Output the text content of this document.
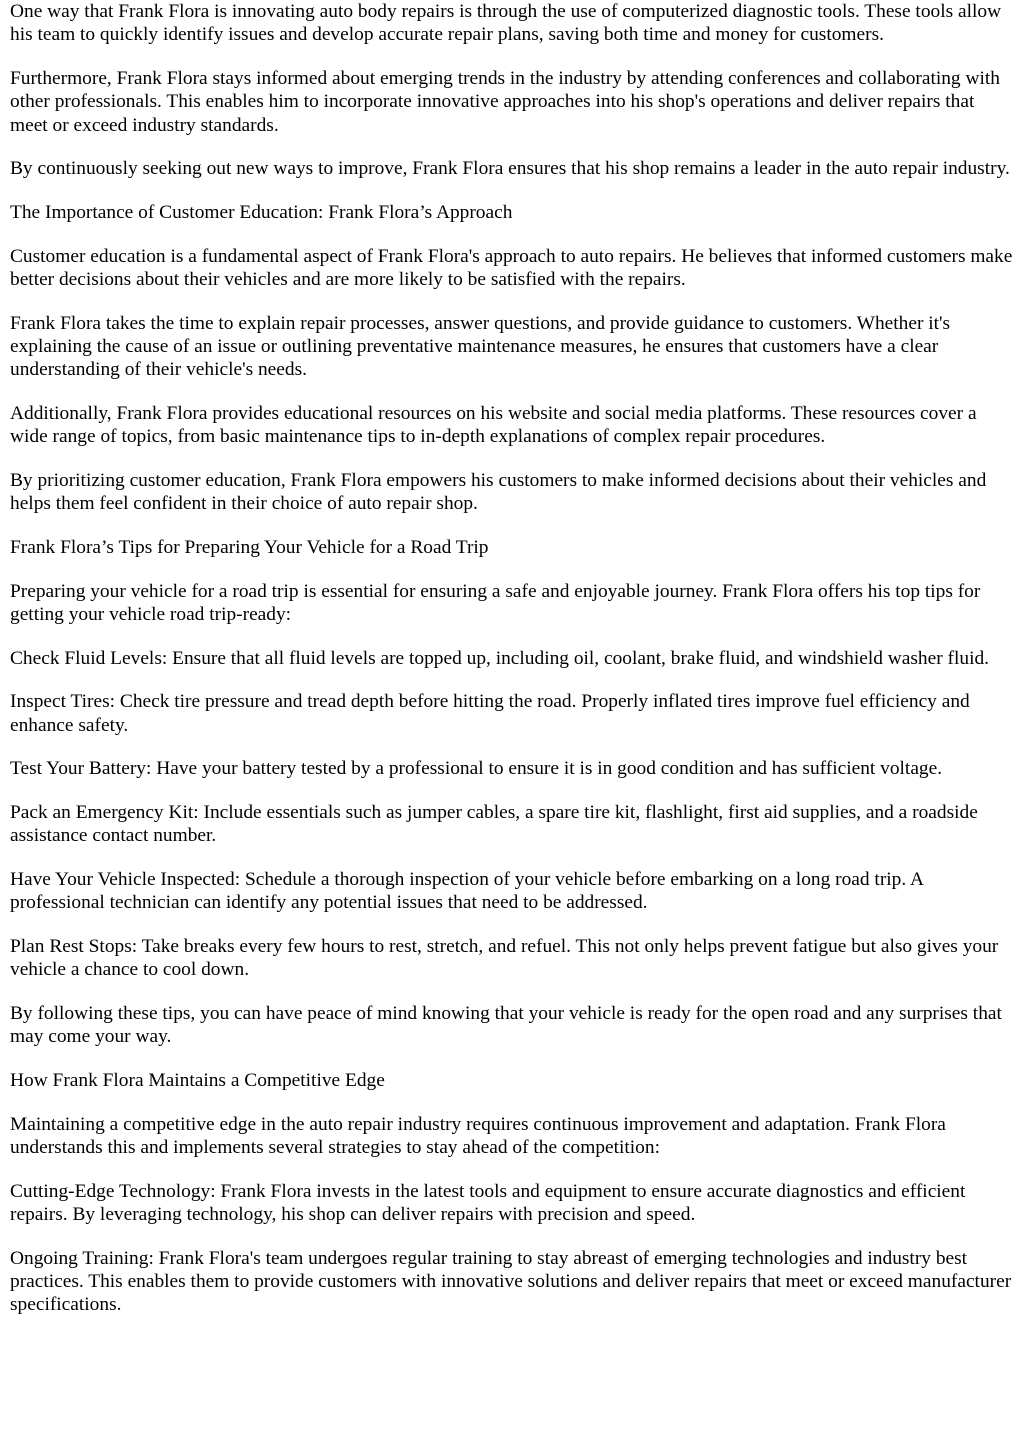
One way that Frank Flora is innovating auto body repairs is through the use of computerized diagnostic tools. These tools allow his team to quickly identify issues and develop accurate repair plans, saving both time and money for customers.

Furthermore, Frank Flora stays informed about emerging trends in the industry by attending conferences and collaborating with other professionals. This enables him to incorporate innovative approaches into his shop's operations and deliver repairs that meet or exceed industry standards.

By continuously seeking out new ways to improve, Frank Flora ensures that his shop remains a leader in the auto repair industry.

The Importance of Customer Education: Frank Flora’s Approach

Customer education is a fundamental aspect of Frank Flora's approach to auto repairs. He believes that informed customers make better decisions about their vehicles and are more likely to be satisfied with the repairs.

Frank Flora takes the time to explain repair processes, answer questions, and provide guidance to customers. Whether it's explaining the cause of an issue or outlining preventative maintenance measures, he ensures that customers have a clear understanding of their vehicle's needs.

Additionally, Frank Flora provides educational resources on his website and social media platforms. These resources cover a wide range of topics, from basic maintenance tips to in-depth explanations of complex repair procedures.

By prioritizing customer education, Frank Flora empowers his customers to make informed decisions about their vehicles and helps them feel confident in their choice of auto repair shop.

Frank Flora’s Tips for Preparing Your Vehicle for a Road Trip

Preparing your vehicle for a road trip is essential for ensuring a safe and enjoyable journey. Frank Flora offers his top tips for getting your vehicle road trip-ready:

Check Fluid Levels: Ensure that all fluid levels are topped up, including oil, coolant, brake fluid, and windshield washer fluid.

Inspect Tires: Check tire pressure and tread depth before hitting the road. Properly inflated tires improve fuel efficiency and enhance safety.

Test Your Battery: Have your battery tested by a professional to ensure it is in good condition and has sufficient voltage.

Pack an Emergency Kit: Include essentials such as jumper cables, a spare tire kit, flashlight, first aid supplies, and a roadside assistance contact number.

Have Your Vehicle Inspected: Schedule a thorough inspection of your vehicle before embarking on a long road trip. A professional technician can identify any potential issues that need to be addressed.

Plan Rest Stops: Take breaks every few hours to rest, stretch, and refuel. This not only helps prevent fatigue but also gives your vehicle a chance to cool down.

By following these tips, you can have peace of mind knowing that your vehicle is ready for the open road and any surprises that may come your way.

How Frank Flora Maintains a Competitive Edge

Maintaining a competitive edge in the auto repair industry requires continuous improvement and adaptation. Frank Flora understands this and implements several strategies to stay ahead of the competition:

Cutting-Edge Technology: Frank Flora invests in the latest tools and equipment to ensure accurate diagnostics and efficient repairs. By leveraging technology, his shop can deliver repairs with precision and speed.

Ongoing Training: Frank Flora's team undergoes regular training to stay abreast of emerging technologies and industry best practices. This enables them to provide customers with innovative solutions and deliver repairs that meet or exceed manufacturer specifications.
